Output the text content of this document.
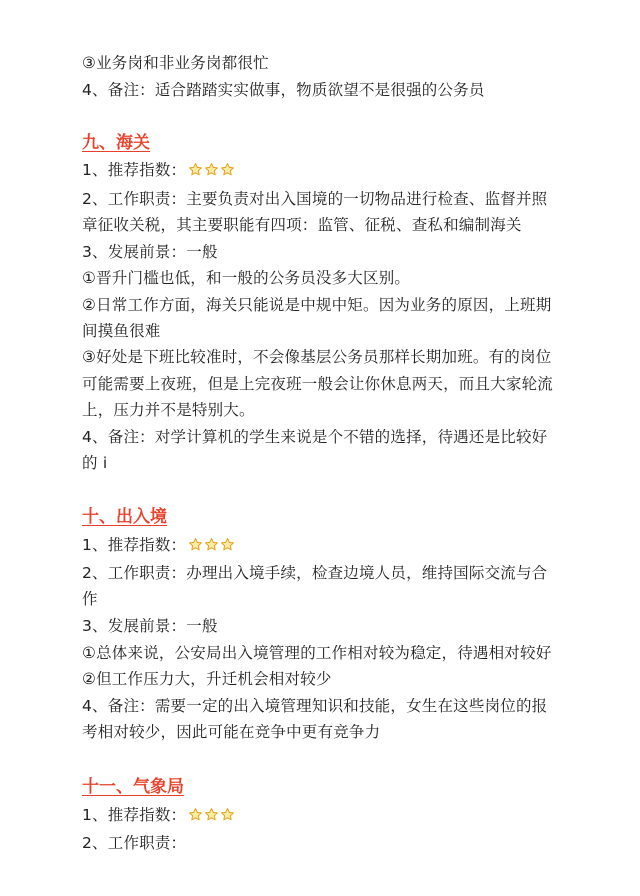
③业务岗和非业务岗都很忙
4、备注：适合踏踏实实做事，物质欲望不是很强的公务员
九、海关
1、推荐指数：
2、工作职责：主要负责对出入国境的一切物品进行检查、监督并照
章征收关税，其主要职能有四项：监管、征税、查私和编制海关
3、发展前景：一般
①晋升门槛也低，和一般的公务员没多大区别。
②日常工作方面，海关只能说是中规中矩。因为业务的原因，上班期
间摸鱼很难
③好处是下班比较准时，不会像基层公务员那样长期加班。有的岗位
可能需要上夜班，但是上完夜班一般会让你休息两天，而且大家轮流
上，压力并不是特别大。
4、备注：对学计算机的学生来说是个不错的选择，待遇还是比较好
的 i
十、出入境
1、推荐指数：
2、工作职责：办理出入境手续，检查边境人员，维持国际交流与合
作
3、发展前景：一般
①总体来说，公安局出入境管理的工作相对较为稳定，待遇相对较好
②但工作压力大，升迁机会相对较少
4、备注：需要一定的出入境管理知识和技能，女生在这些岗位的报
考相对较少，因此可能在竞争中更有竞争力
十一、气象局
1、推荐指数：
2、工作职责：
